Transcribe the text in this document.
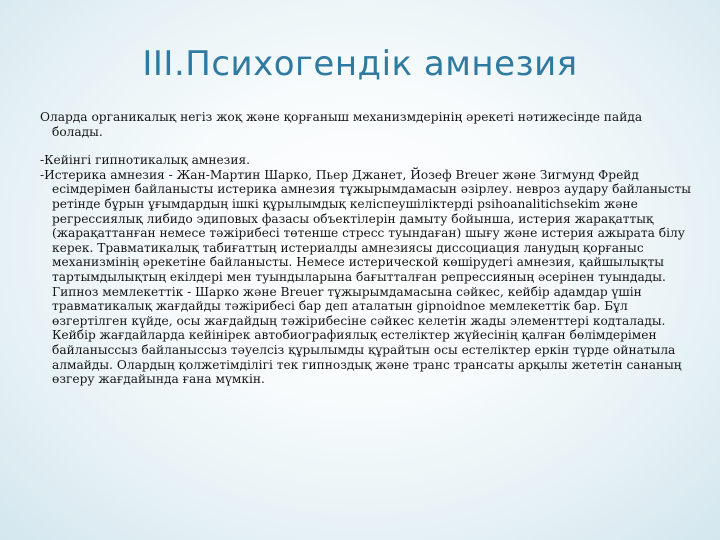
III.Психогендік амнезия

Оларда органикалық негіз жоқ және қорғаныш механизмдерінің әрекеті нәтижесінде пайда болады.

-Кейінгі гипнотикалық амнезия.

-Истерика амнезия - Жан-Мартин Шарко, Пьер Джанет, Йозеф Breuer және Зигмунд Фрейд есімдерімен байланысты истерика амнезия тұжырымдамасын әзірлеу. невроз аудару байланысты ретінде бұрын ұғымдардың ішкі құрылымдық келіспеушіліктерді psihoanalitichsekim және регрессиялық либидо эдиповых фазасы объектілерін дамыту бойынша, истерия жарақаттық (жарақаттанған немесе тәжірибесі төтенше стресс туындаған) шығу және истерия ажырата білу керек. Травматикалық табиғаттың истериалды амнезиясы диссоциация ланудың қорғаныс механизмінің әрекетіне байланысты. Немесе истерической көшірудегі амнезия, қайшылықты тартымдылықтың екілдері мен туындыларына бағытталған репрессияның әсерінен туындады.

Гипноз мемлекеттік - Шарко және Breuer тұжырымдамасына сәйкес, кейбір адамдар үшін травматикалық жағдайды тәжірибесі бар деп аталатын gipnoidnoe мемлекеттік бар. Бұл өзгертілген күйде, осы жағдайдың тәжірибесіне сәйкес келетін жады элементтері кодталады. Кейбір жағдайларда кейінірек автобиографиялық естеліктер жүйесінің қалған бөлімдерімен байланыссыз байланыссыз тәуелсіз құрылымды құрайтын осы естеліктер еркін түрде ойнатыла алмайды. Олардың қолжетімділігі тек гипноздық және транс трансаты арқылы жететін сананың өзгеру жағдайында ғана мүмкін.
